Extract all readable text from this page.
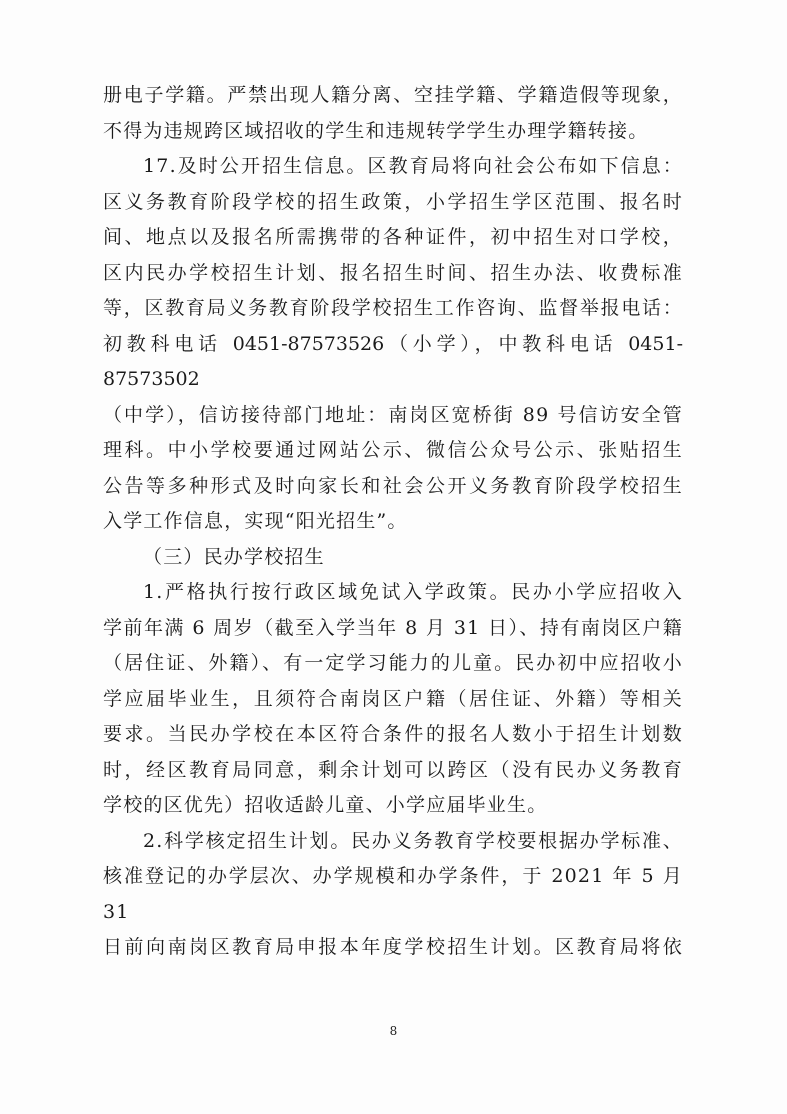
册电子学籍。严禁出现人籍分离、空挂学籍、学籍造假等现象，
不得为违规跨区域招收的学生和违规转学学生办理学籍转接。

17.及时公开招生信息。区教育局将向社会公布如下信息：
区义务教育阶段学校的招生政策，小学招生学区范围、报名时
间、地点以及报名所需携带的各种证件，初中招生对口学校，
区内民办学校招生计划、报名招生时间、招生办法、收费标准
等，区教育局义务教育阶段学校招生工作咨询、监督举报电话：
初教科电话 0451-87573526（小学），中教科电话 0451-87573502
（中学），信访接待部门地址：南岗区宽桥街 89 号信访安全管
理科。中小学校要通过网站公示、微信公众号公示、张贴招生
公告等多种形式及时向家长和社会公开义务教育阶段学校招生
入学工作信息，实现“阳光招生”。

（三）民办学校招生

1.严格执行按行政区域免试入学政策。民办小学应招收入
学前年满 6 周岁（截至入学当年 8 月 31 日）、持有南岗区户籍
（居住证、外籍）、有一定学习能力的儿童。民办初中应招收小
学应届毕业生，且须符合南岗区户籍（居住证、外籍）等相关
要求。当民办学校在本区符合条件的报名人数小于招生计划数
时，经区教育局同意，剩余计划可以跨区（没有民办义务教育
学校的区优先）招收适龄儿童、小学应届毕业生。

2.科学核定招生计划。民办义务教育学校要根据办学标准、
核准登记的办学层次、办学规模和办学条件，于 2021 年 5 月 31
日前向南岗区教育局申报本年度学校招生计划。区教育局将依

8
